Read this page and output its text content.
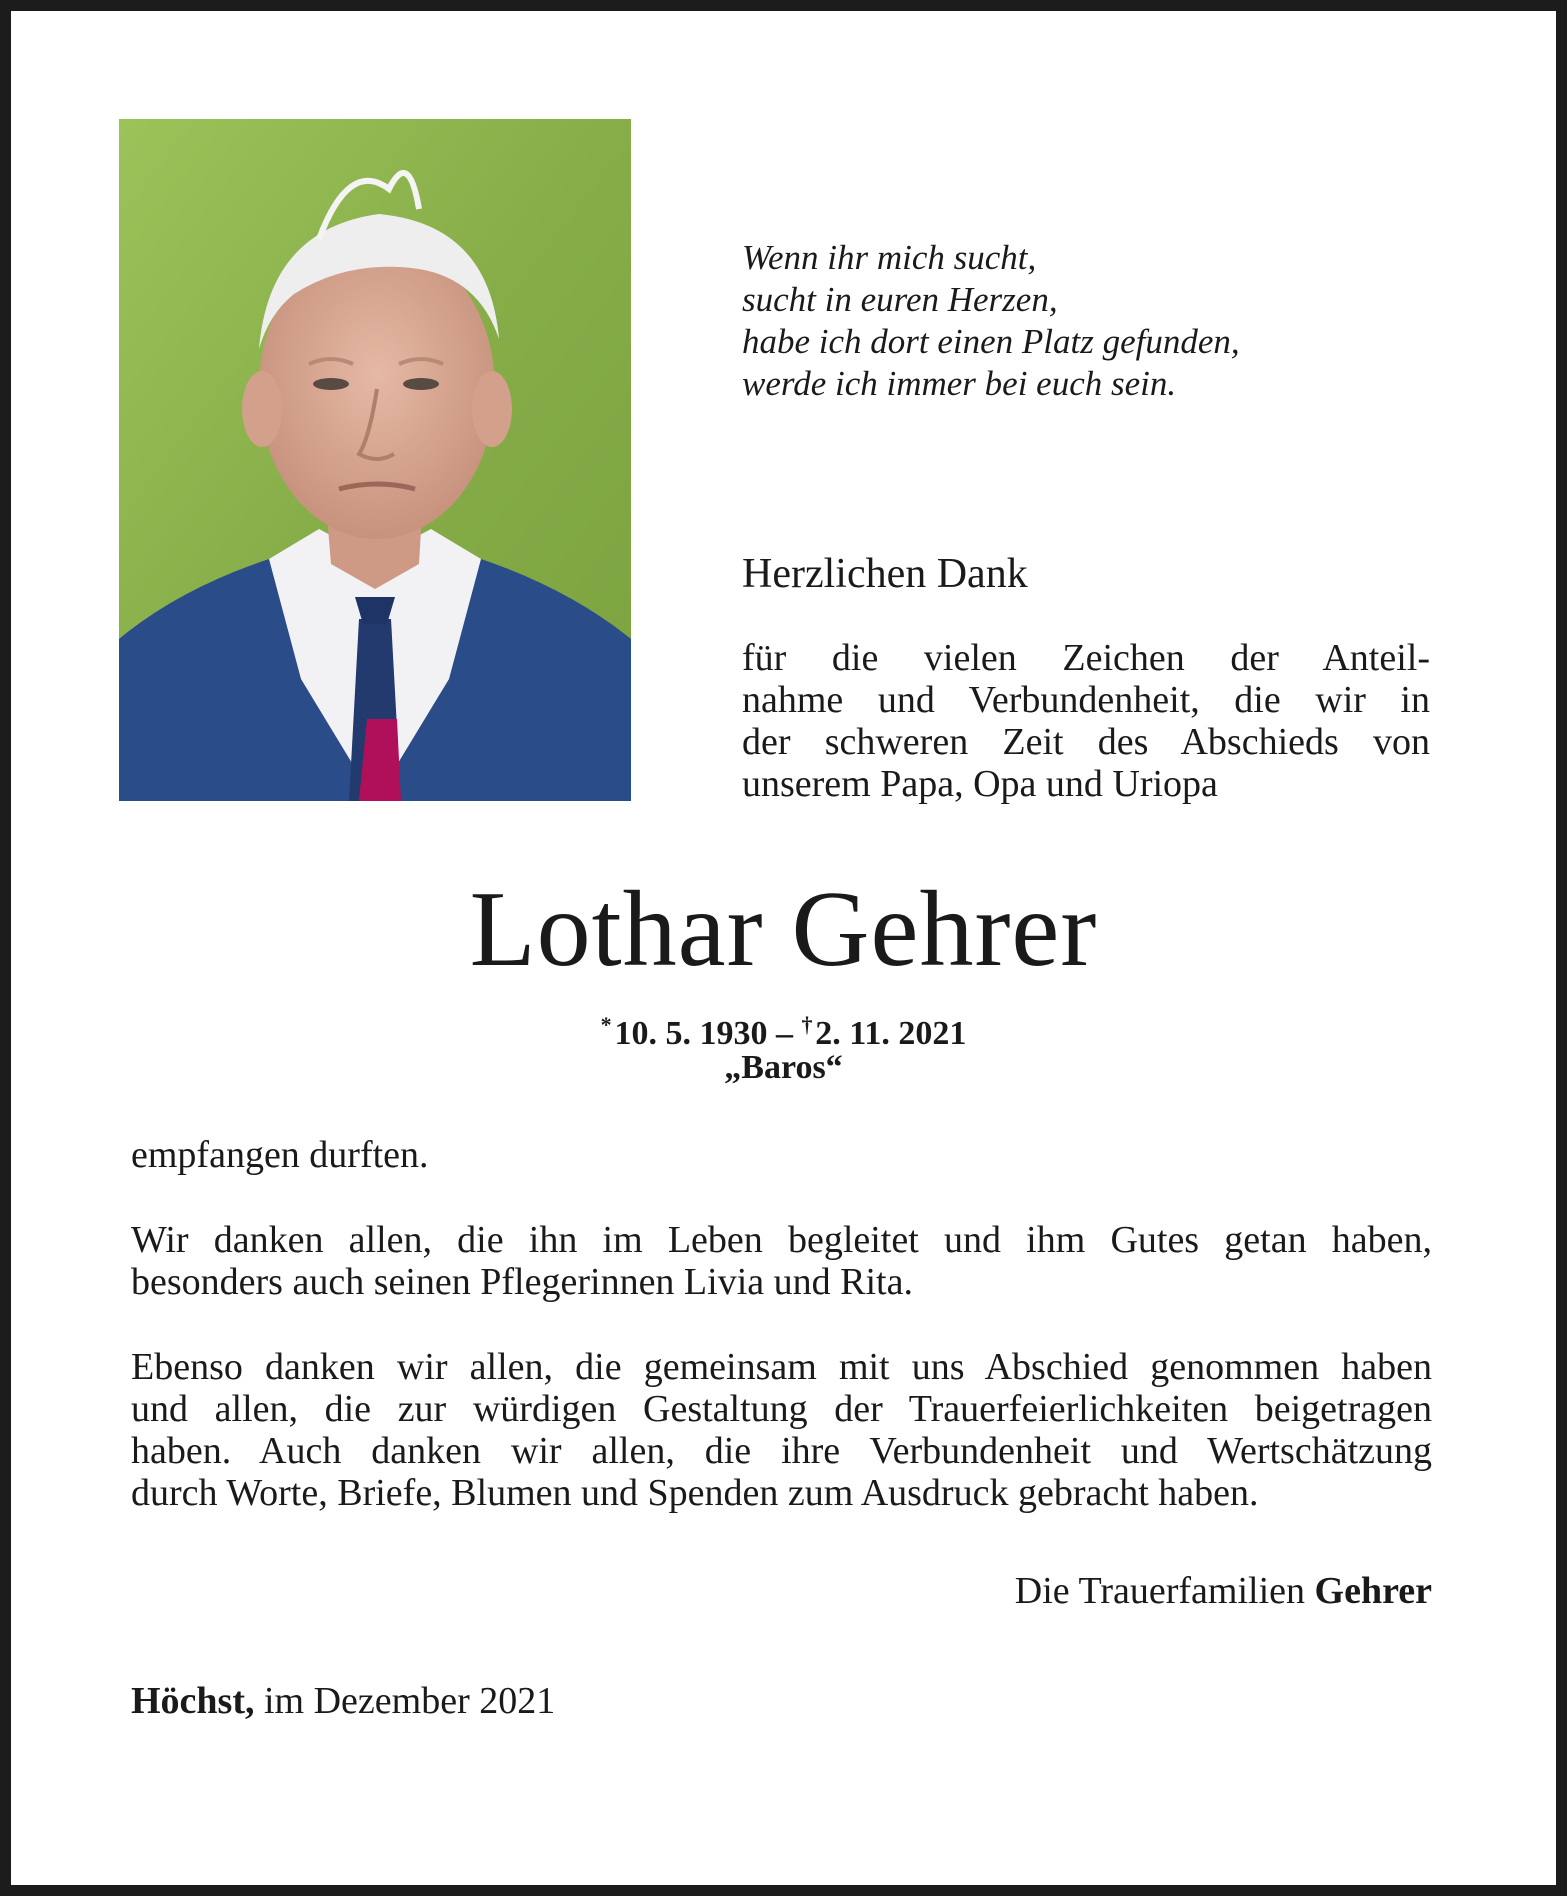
Wenn ihr mich sucht,
sucht in euren Herzen,
habe ich dort einen Platz gefunden,
werde ich immer bei euch sein.
Herzlichen Dank
für die vielen Zeichen der Anteil-
nahme und Verbundenheit, die wir in
der schweren Zeit des Abschieds von
unserem Papa, Opa und Uriopa
Lothar Gehrer
* 10. 5. 1930 – † 2. 11. 2021
„Baros“
empfangen durften.
Wir danken allen, die ihn im Leben begleitet und ihm Gutes getan haben,
besonders auch seinen Pflegerinnen Livia und Rita.
Ebenso danken wir allen, die gemeinsam mit uns Abschied genommen haben
und allen, die zur würdigen Gestaltung der Trauerfeierlichkeiten beigetragen
haben. Auch danken wir allen, die ihre Verbundenheit und Wertschätzung
durch Worte, Briefe, Blumen und Spenden zum Ausdruck gebracht haben.
Die Trauerfamilien Gehrer
Höchst, im Dezember 2021
